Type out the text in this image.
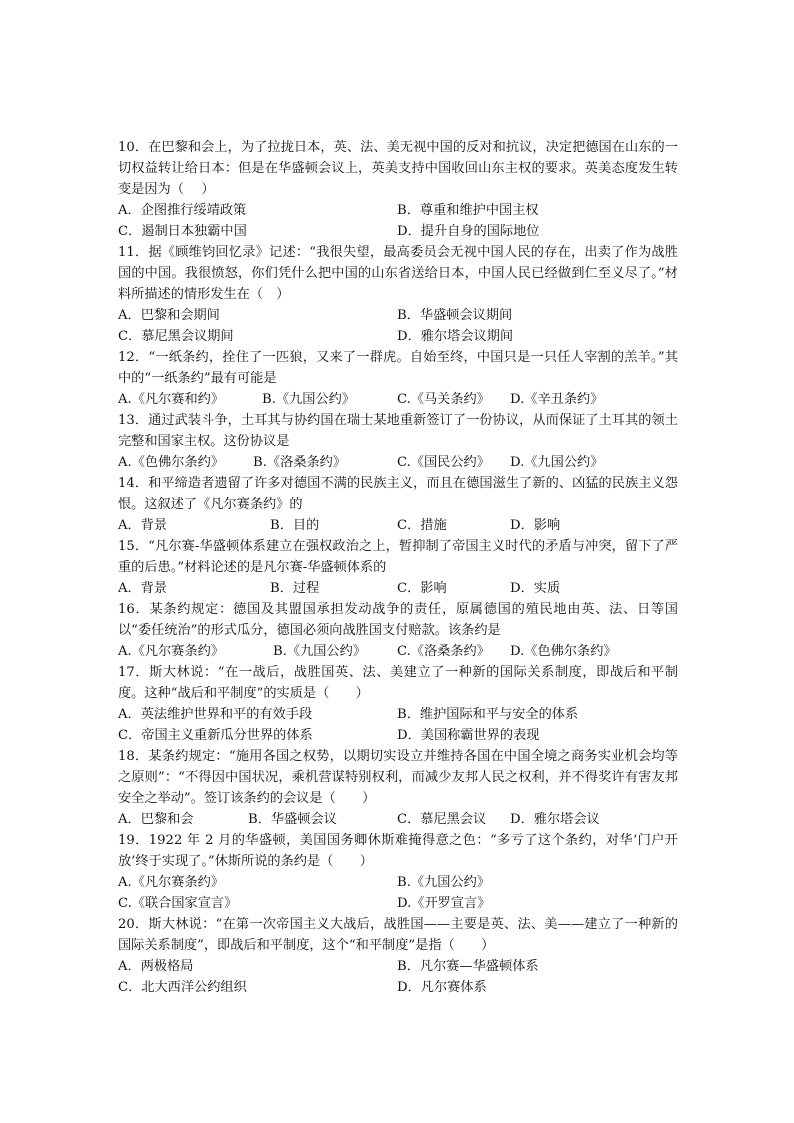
10．在巴黎和会上，为了拉拢日本，英、法、美无视中国的反对和抗议，决定把德国在山东的一切权益转让给日本：但是在华盛顿会议上，英美支持中国收回山东主权的要求。英美态度发生转变是因为（　 ）

A．企图推行绥靖政策	B．尊重和维护中国主权
C．遏制日本独霸中国	D．提升自身的国际地位

11．据《顾维钧回忆录》记述：“我很失望，最高委员会无视中国人民的存在，出卖了作为战胜国的中国。我很愤怒，你们凭什么把中国的山东省送给日本，中国人民已经做到仁至义尽了。”材料所描述的情形发生在（　）

A．巴黎和会期间	B．华盛顿会议期间
C．慕尼黑会议期间	D．雅尔塔会议期间

12．“一纸条约，拴住了一匹狼，又来了一群虎。自始至终，中国只是一只任人宰割的羔羊。”其中的“一纸条约”最有可能是

A.《凡尔赛和约》	B.《九国公约》	C.《马关条约》 D.《辛丑条约》

13．通过武装斗争，土耳其与协约国在瑞士某地重新签订了一份协议，从而保证了土耳其的领土完整和国家主权。这份协议是

A.《色佛尔条约》 B.《洛桑条约》	C.《国民公约》 D.《九国公约》

14．和平缔造者遗留了许多对德国不满的民族主义，而且在德国滋生了新的、凶猛的民族主义怨恨。这叙述了《凡尔赛条约》的

A．背景	B．目的	C．措施	D．影响

15．“凡尔赛-华盛顿体系建立在强权政治之上，暂抑制了帝国主义时代的矛盾与冲突，留下了严重的后患。”材料论述的是凡尔赛-华盛顿体系的

A．背景	B．过程	C．影响	D．实质

16．某条约规定：德国及其盟国承担发动战争的责任，原属德国的殖民地由英、法、日等国以“委任统治”的形式瓜分，德国必须向战胜国支付赔款。该条约是

A.《凡尔赛条约》	B.《九国公约》 C.《洛桑条约》 D.《色佛尔条约》

17．斯大林说：“在一战后，战胜国英、法、美建立了一种新的国际关系制度，即战后和平制度。这种“战后和平制度”的实质是（　　）

A．英法维护世界和平的有效手段	B．维护国际和平与安全的体系
C．帝国主义重新瓜分世界的体系	D．美国称霸世界的表现

18．某条约规定：“施用各国之权势，以期切实设立并维持各国在中国全境之商务实业机会均等之原则”：“不得因中国状况，乘机营谋特别权利，而减少友邦人民之权利，并不得奖许有害友邦安全之举动”。签订该条约的会议是（　　）

A．巴黎和会	B．华盛顿会议	C．慕尼黑会议 D．雅尔塔会议

19．1922 年 2 月的华盛顿，美国国务卿休斯难掩得意之色：“多亏了这个条约，对华‘门户开放’终于实现了。”休斯所说的条约是（　　）

A.《凡尔赛条约》	B.《九国公约》
C.《联合国家宣言》	D.《开罗宣言》

20．斯大林说：“在第一次帝国主义大战后，战胜国——主要是英、法、美——建立了一种新的国际关系制度”，即战后和平制度，这个“和平制度”是指（　　）

A．两极格局	B．凡尔赛—华盛顿体系
C．北大西洋公约组织	D．凡尔赛体系
